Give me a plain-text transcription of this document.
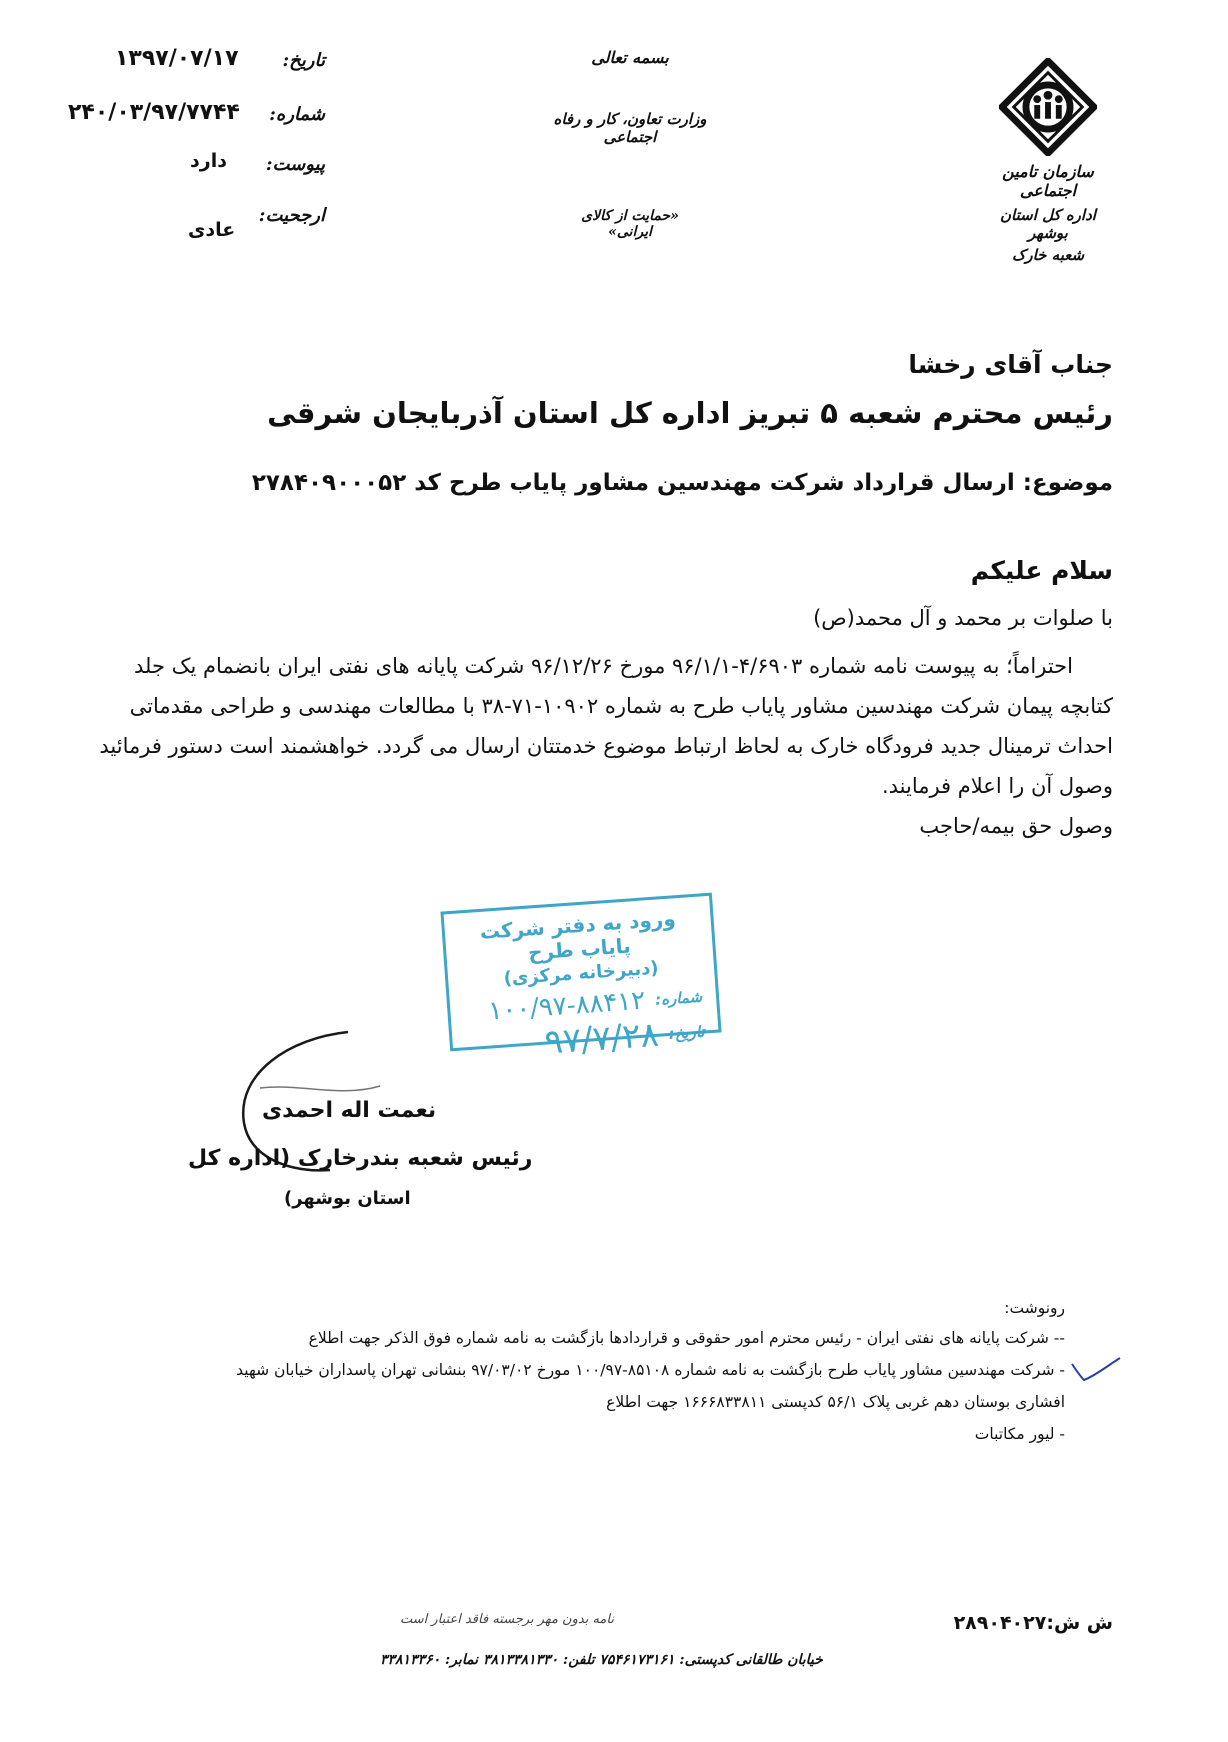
سازمان تامین اجتماعی
اداره کل استان بوشهر
شعبه خارک
بسمه تعالی
وزارت تعاون، کار و رفاه اجتماعی
«حمایت از کالای ایرانی»
تاریخ:
۱۳۹۷/۰۷/۱۷
شماره:
۲۴۰/۰۳/۹۷/۷۷۴۴
پیوست:
دارد
ارجحیت:
عادی
جناب آقای رخشا
رئیس محترم شعبه ۵ تبریز اداره کل استان آذربایجان شرقی
موضوع: ارسال قرارداد شرکت مهندسین مشاور پایاب طرح کد ۲۷۸۴۰۹۰۰۰۵۲
سلام علیکم
با صلوات بر محمد و آل محمد(ص)
احتراماً؛ به پیوست نامه شماره ۴/۶۹۰۳-۹۶/۱/۱ مورخ ۹۶/۱۲/۲۶ شرکت پایانه های نفتی ایران بانضمام یک جلد
کتابچه پیمان شرکت مهندسین مشاور پایاب طرح به شماره ۱۰۹۰۲-۷۱-۳۸ با مطالعات مهندسی و طراحی مقدماتی
احداث ترمینال جدید فرودگاه خارک به لحاظ ارتباط موضوع خدمتتان ارسال می گردد. خواهشمند است دستور فرمائید
وصول آن را اعلام فرمایند.
وصول حق بیمه/حاجب
ورود به دفتر شرکت پایاب طرح
(دبیرخانه مرکزی)
شماره:
۱۰۰/۹۷-۸۸۴۱۲
تاریخ:
۹۷/۷/۲۸
نعمت اله احمدی
رئیس شعبه بندرخارک (اداره کل
استان بوشهر)
رونوشت:
-- شرکت پایانه های نفتی ایران - رئیس محترم امور حقوقی و قراردادها بازگشت به نامه شماره فوق الذکر جهت اطلاع
- شرکت مهندسین مشاور پایاب طرح بازگشت به نامه شماره ۸۵۱۰۸-۱۰۰/۹۷ مورخ ۹۷/۰۳/۰۲ بنشانی تهران پاسداران خیابان شهید
افشاری بوستان دهم غربی پلاک ۵۶/۱ کدپستی ۱۶۶۶۸۳۳۸۱۱ جهت اطلاع
- لیور مکاتبات
ش ش:۲۸۹۰۴۰۲۷
نامه بدون مهر برجسته فاقد اعتبار است
خیابان طالقانی کدپستی: ۷۵۴۶۱۷۳۱۶۱ تلفن: ۳۸۱۳۳۸۱۳۳۰ نمابر: ۳۳۸۱۳۳۶۰
